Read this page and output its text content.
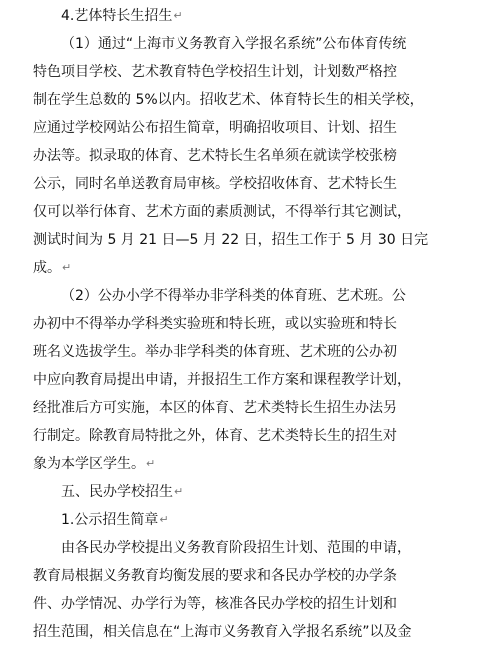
4.艺体特长生招生↵
（1）通过“上海市义务教育入学报名系统”公布体育传统
特色项目学校、艺术教育特色学校招生计划，计划数严格控
制在学生总数的 5%以内。招收艺术、体育特长生的相关学校，
应通过学校网站公布招生简章，明确招收项目、计划、招生
办法等。拟录取的体育、艺术特长生名单须在就读学校张榜
公示，同时名单送教育局审核。学校招收体育、艺术特长生
仅可以举行体育、艺术方面的素质测试，不得举行其它测试，
测试时间为 5 月 21 日—5 月 22 日，招生工作于 5 月 30 日完
成。↵
（2）公办小学不得举办非学科类的体育班、艺术班。公
办初中不得举办学科类实验班和特长班，或以实验班和特长
班名义选拔学生。举办非学科类的体育班、艺术班的公办初
中应向教育局提出申请，并报招生工作方案和课程教学计划，
经批准后方可实施，本区的体育、艺术类特长生招生办法另
行制定。除教育局特批之外，体育、艺术类特长生的招生对
象为本学区学生。↵
五、民办学校招生↵
1.公示招生简章↵
由各民办学校提出义务教育阶段招生计划、范围的申请，
教育局根据义务教育均衡发展的要求和各民办学校的办学条
件、办学情况、办学行为等，核准各民办学校的招生计划和
招生范围，相关信息在“上海市义务教育入学报名系统”以及金
